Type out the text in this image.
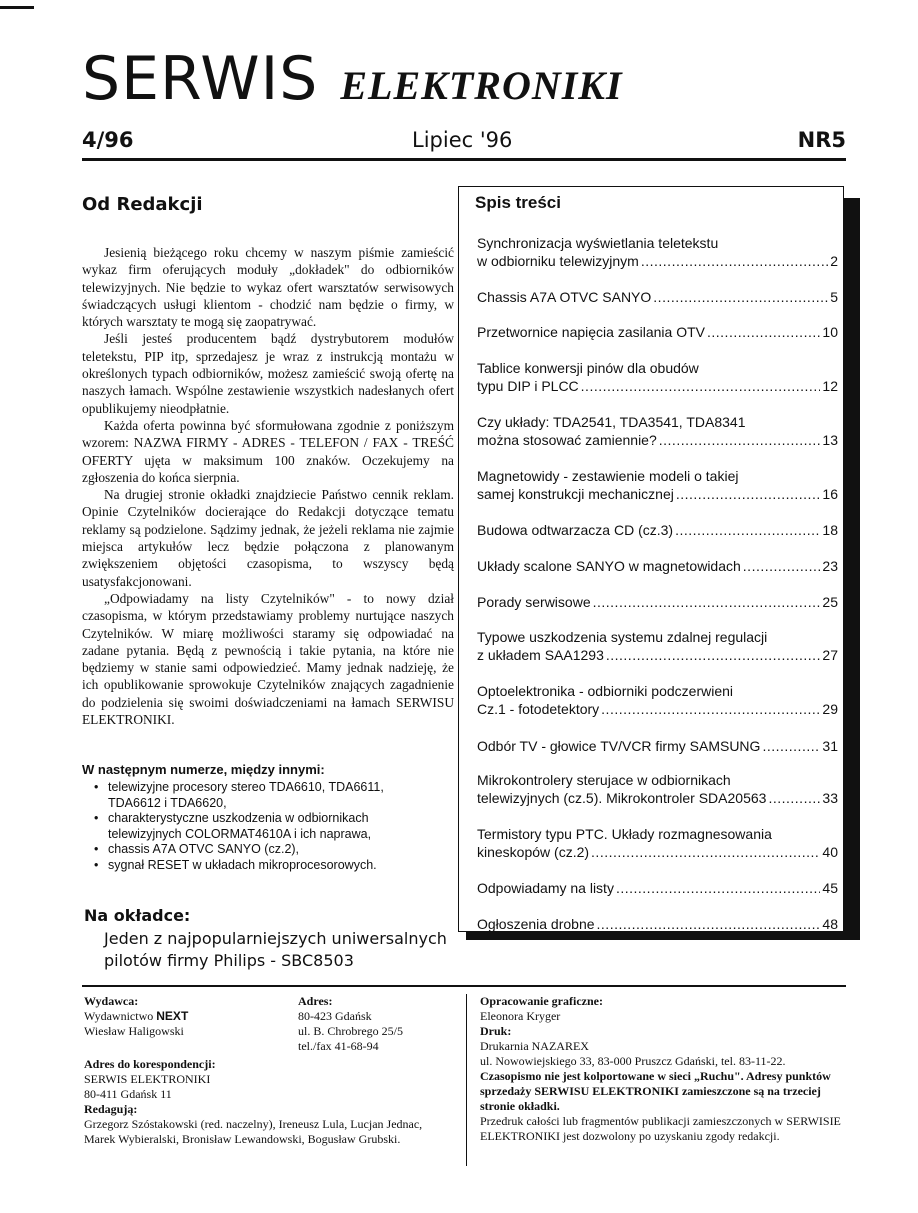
SERWIS ELEKTRONIKI
4/96	Lipiec '96	NR5
Od Redakcji

Jesienią bieżącego roku chcemy w naszym piśmie zamieścić wykaz firm oferujących moduły „dokładek" do odbiorników telewizyjnych. Nie będzie to wykaz ofert warsztatów serwisowych świadczących usługi klientom - chodzić nam będzie o firmy, w których warsztaty te mogą się zaopatrywać.

Jeśli jesteś producentem bądź dystrybutorem modułów teletekstu, PIP itp, sprzedajesz je wraz z instrukcją montażu w określonych typach odbiorników, możesz zamieścić swoją ofertę na naszych łamach. Wspólne zestawienie wszystkich nadesłanych ofert opublikujemy nieodpłatnie.

Każda oferta powinna być sformułowana zgodnie z poniższym wzorem: NAZWA FIRMY - ADRES - TELEFON / FAX - TREŚĆ OFERTY ujęta w maksimum 100 znaków. Oczekujemy na zgłoszenia do końca sierpnia.

Na drugiej stronie okładki znajdziecie Państwo cennik reklam. Opinie Czytelników docierające do Redakcji dotyczące tematu reklamy są podzielone. Sądzimy jednak, że jeżeli reklama nie zajmie miejsca artykułów lecz będzie połączona z planowanym zwiększeniem objętości czasopisma, to wszyscy będą usatysfakcjonowani.

„Odpowiadamy na listy Czytelników" - to nowy dział czasopisma, w którym przedstawiamy problemy nurtujące naszych Czytelników. W miarę możliwości staramy się odpowiadać na zadane pytania. Będą z pewnością i takie pytania, na które nie będziemy w stanie sami odpowiedzieć. Mamy jednak nadzieję, że ich opublikowanie sprowokuje Czytelników znających zagadnienie do podzielenia się swoimi doświadczeniami na łamach SERWISU ELEKTRONIKI.

W następnym numerze, między innymi:
• telewizyjne procesory stereo TDA6610, TDA6611, TDA6612 i TDA6620,
• charakterystyczne uszkodzenia w odbiornikach telewizyjnych COLORMAT4610A i ich naprawa,
• chassis A7A OTVC SANYO (cz.2),
• sygnał RESET w układach mikroprocesorowych.
Na okładce:
Jeden z najpopularniejszych uniwersalnych pilotów firmy Philips - SBC8503
Spis treści
Synchronizacja wyświetlania teletekstu
w odbiorniku telewizyjnym .....	2
Chassis A7A OTVC SANYO .....	5
Przetwornice napięcia zasilania OTV .....	10
Tablice konwersji pinów dla obudów
typu DIP i PLCC .....	12
Czy układy: TDA2541, TDA3541, TDA8341
można stosować zamiennie? .....	13
Magnetowidy - zestawienie modeli o takiej
samej konstrukcji mechanicznej .....	16
Budowa odtwarzacza CD (cz.3) .....	18
Układy scalone SANYO w magnetowidach .....	23
Porady serwisowe .....	25
Typowe uszkodzenia systemu zdalnej regulacji
z układem SAA1293 .....	27
Optoelektronika - odbiorniki podczerwieni
Cz.1 - fotodetektory .....	29
Odbór TV - głowice TV/VCR firmy SAMSUNG .....	31
Mikrokontrolery sterujace w odbiornikach
telewizyjnych (cz.5). Mikrokontroler SDA20563 .....	33
Termistory typu PTC. Układy rozmagnesowania
kineskopów (cz.2) .....	40
Odpowiadamy na listy .....	45
Ogłoszenia drobne .....	48
Wydawca:
Wydawnictwo NEXT
Wiesław Haligowski
Adres:
80-423 Gdańsk
ul. B. Chrobrego 25/5
tel./fax 41-68-94
Adres do korespondencji:
SERWIS ELEKTRONIKI
80-411 Gdańsk 11
Redagują:
Grzegorz Szóstakowski (red. naczelny), Ireneusz Lula, Lucjan Jednac, Marek Wybieralski, Bronisław Lewandowski, Bogusław Grubski.
Opracowanie graficzne:
Eleonora Kryger
Druk:
Drukarnia NAZAREX
ul. Nowowiejskiego 33, 83-000 Pruszcz Gdański, tel. 83-11-22.
Czasopismo nie jest kolportowane w sieci „Ruchu". Adresy punktów sprzedaży SERWISU ELEKTRONIKI zamieszczone są na trzeciej stronie okładki.
Przedruk całości lub fragmentów publikacji zamieszczonych w SERWISIE ELEKTRONIKI jest dozwolony po uzyskaniu zgody redakcji.
